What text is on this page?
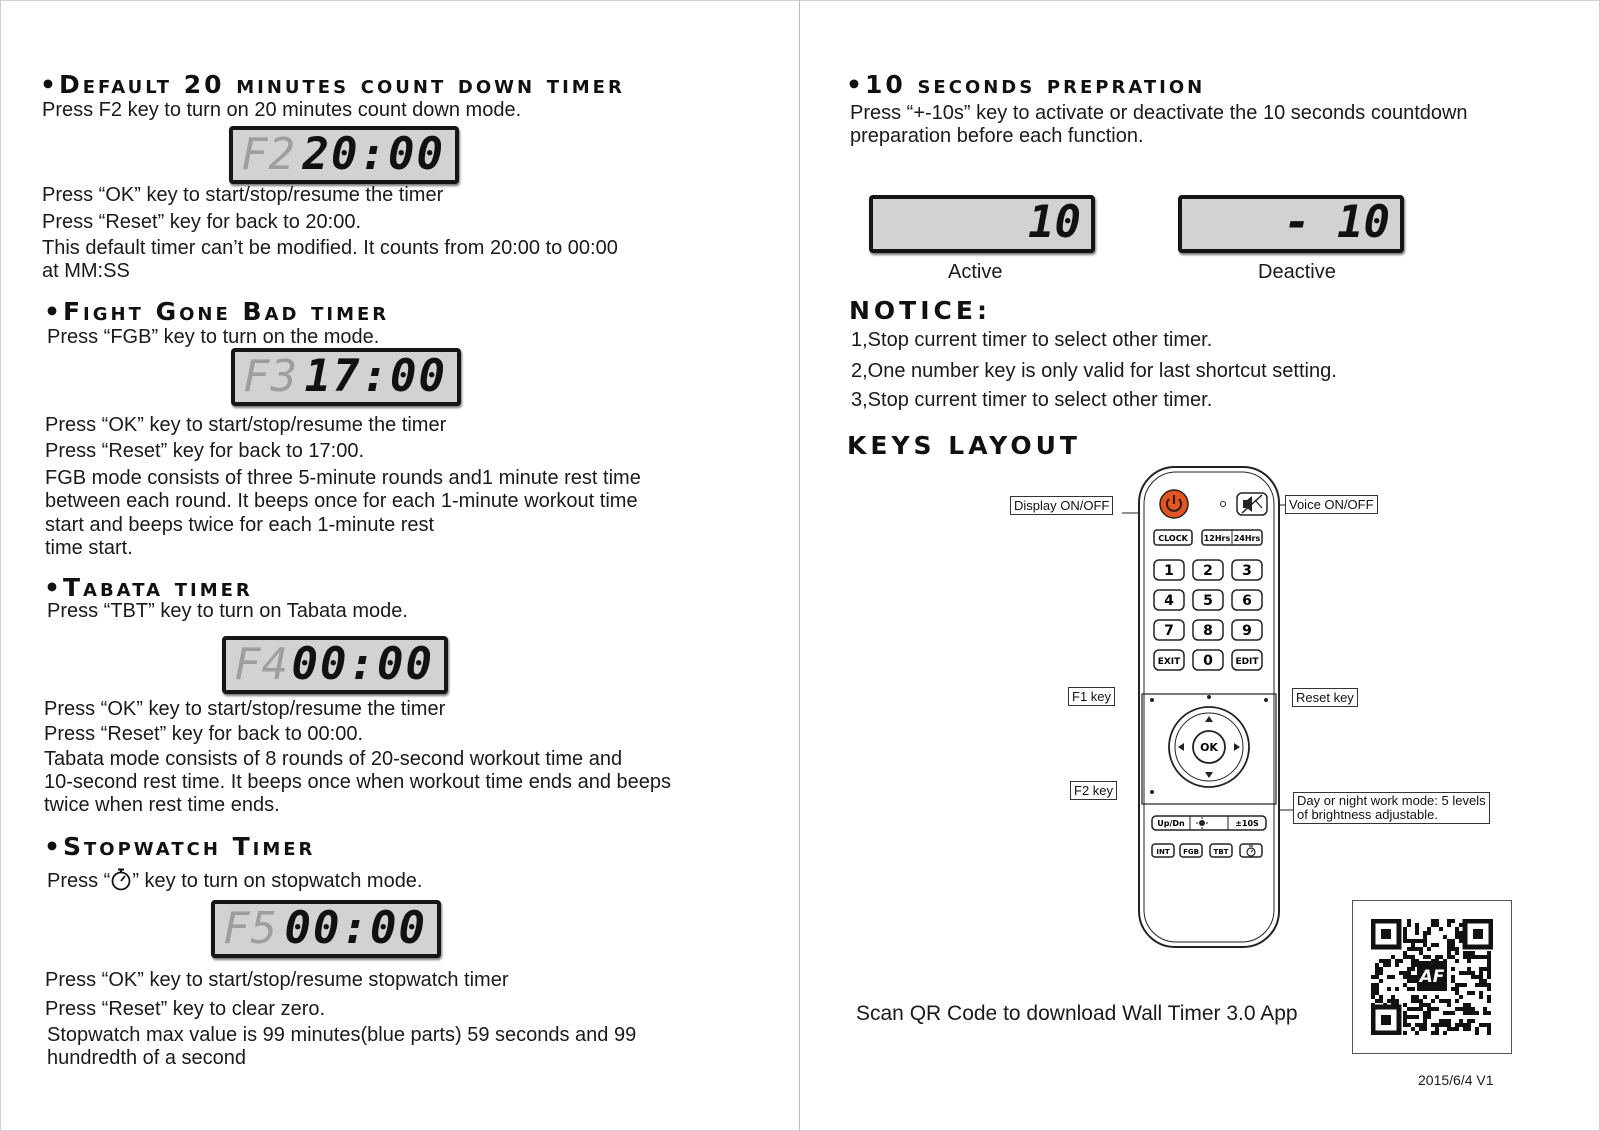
•Default 20 minutes count down timer
Press F2 key to turn on 20 minutes count down mode.
F2 20:00
Press “OK” key to start/stop/resume the timer
Press “Reset” key for back to 20:00.
This default timer can’t be modified. It counts from 20:00 to 00:00
at MM:SS
•Fight Gone Bad timer
Press “FGB” key to turn on the mode.
F3 17:00
Press “OK” key to start/stop/resume the timer
Press “Reset” key for back to 17:00.
FGB mode consists of three 5-minute rounds and1 minute rest time
between each round. It beeps once for each 1-minute workout time
start and beeps twice for each 1-minute rest
time start.
•Tabata timer
Press “TBT” key to turn on Tabata mode.
F4 00:00
Press “OK” key to start/stop/resume the timer
Press “Reset” key for back to 00:00.
Tabata mode consists of 8 rounds of 20-second workout time and
10-second rest time. It beeps once when workout time ends and beeps
twice when rest time ends.
•Stopwatch Timer
Press “ ” key to turn on stopwatch mode.
F5 00:00
Press “OK” key to start/stop/resume stopwatch timer
Press “Reset” key to clear zero.
Stopwatch max value is 99 minutes(blue parts) 59 seconds and 99
hundredth of a second
•10 seconds prepration
Press “+-10s” key to activate or deactivate the 10 seconds countdown
preparation before each function.
10	- 10
Active	Deactive
NOTICE:
1,Stop current timer to select other timer.
2,One number key is only valid for last shortcut setting.
3,Stop current timer to select other timer.
KEYS LAYOUT
Display ON/OFF	Voice ON/OFF
F1 key	Reset key
F2 key
Day or night work mode: 5 levels
of brightness adjustable.
CLOCK 12Hrs 24Hrs
1 2 3
4 5 6
7 8 9
EXIT 0	EDIT
OK
Up/Dn	±10S
INT FGB TBT
Scan QR Code to download Wall Timer 3.0 App
AF
2015/6/4 V1
